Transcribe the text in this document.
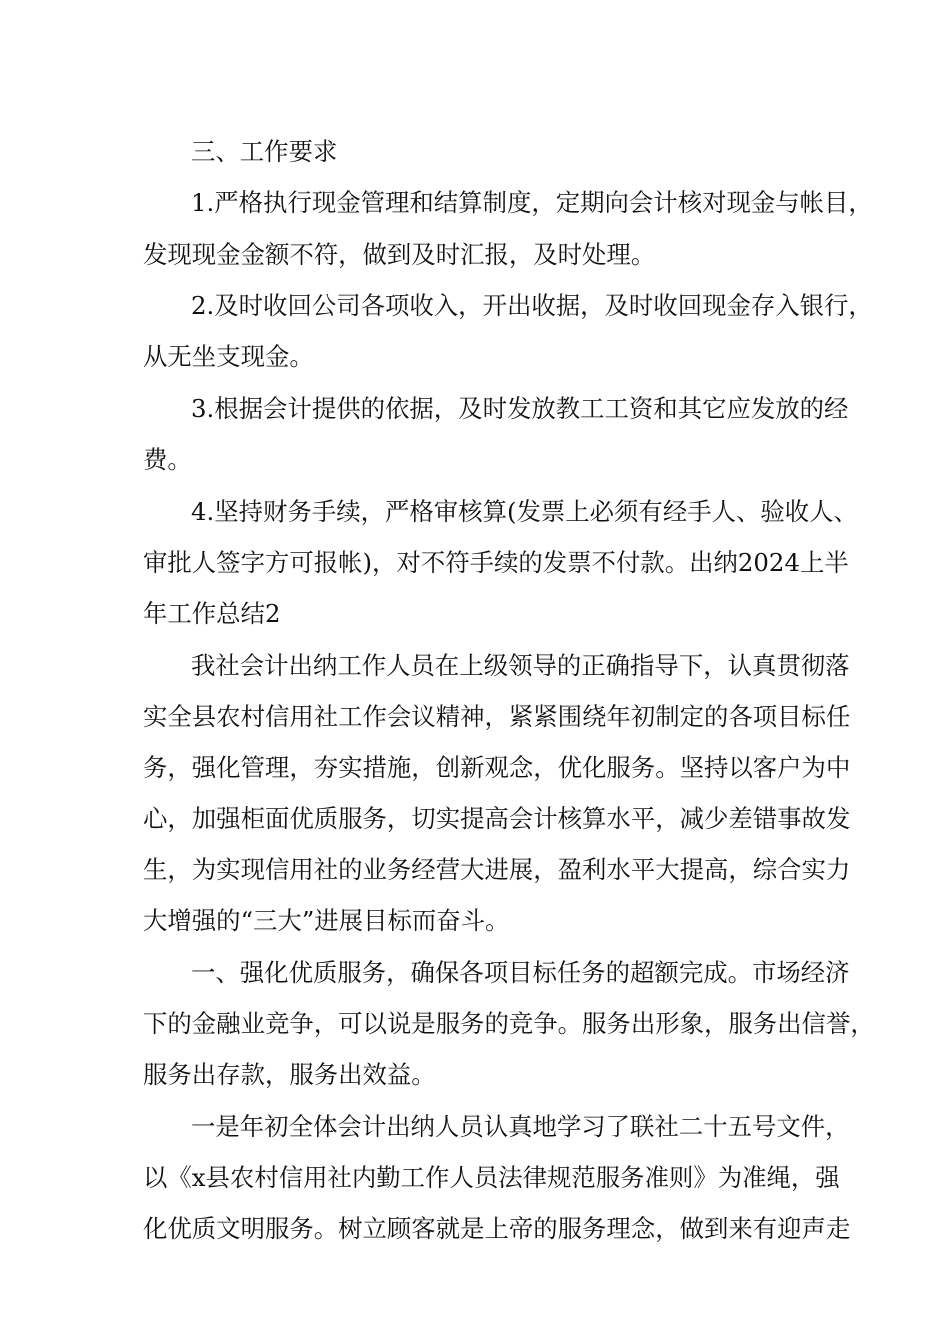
三、工作要求
1.严格执行现金管理和结算制度，定期向会计核对现金与帐目，
发现现金金额不符，做到及时汇报，及时处理。
2.及时收回公司各项收入，开出收据，及时收回现金存入银行，
从无坐支现金。
3.根据会计提供的依据，及时发放教工工资和其它应发放的经
费。
4.坚持财务手续，严格审核算(发票上必须有经手人、验收人、
审批人签字方可报帐)，对不符手续的发票不付款。出纳2024上半
年工作总结2
我社会计出纳工作人员在上级领导的正确指导下，认真贯彻落
实全县农村信用社工作会议精神，紧紧围绕年初制定的各项目标任
务，强化管理，夯实措施，创新观念，优化服务。坚持以客户为中
心，加强柜面优质服务，切实提高会计核算水平，减少差错事故发
生，为实现信用社的业务经营大进展，盈利水平大提高，综合实力
大增强的“三大”进展目标而奋斗。
一、强化优质服务，确保各项目标任务的超额完成。市场经济
下的金融业竞争，可以说是服务的竞争。服务出形象，服务出信誉，
服务出存款，服务出效益。
一是年初全体会计出纳人员认真地学习了联社二十五号文件，
以《x县农村信用社内勤工作人员法律规范服务准则》为准绳，强
化优质文明服务。树立顾客就是上帝的服务理念，做到来有迎声走
